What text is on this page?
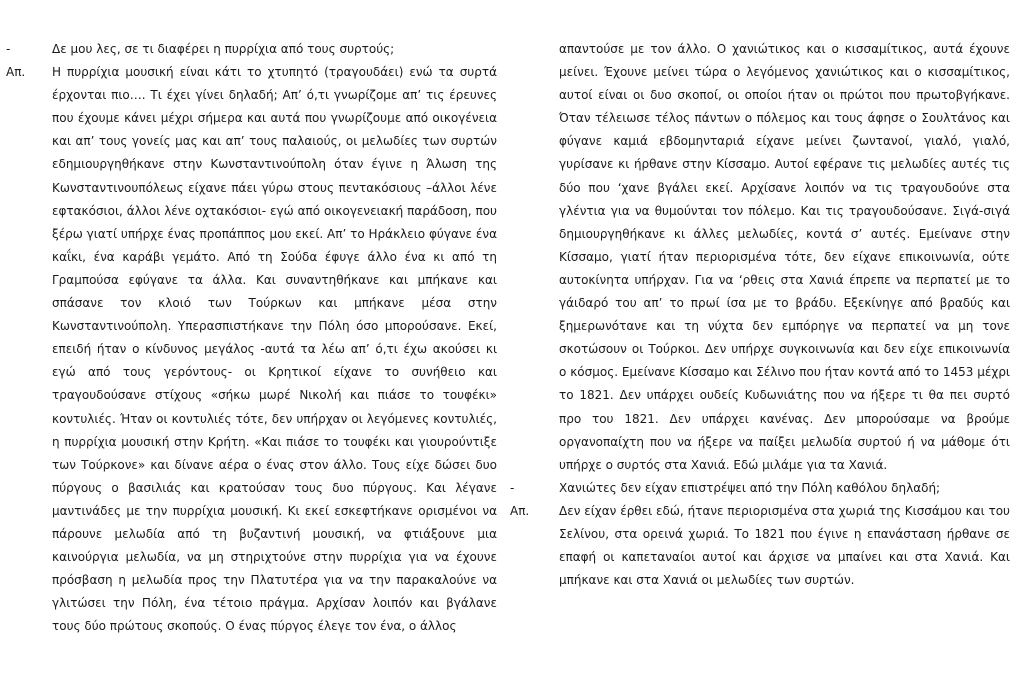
-	Δε μου λες, σε τι διαφέρει η πυρρίχια από τους συρτούς;
Απ. Η πυρρίχια μουσική είναι κάτι το χτυπητό (τραγουδάει) ενώ τα συρτά έρχονται πιο…. Τι έχει γίνει δηλαδή; Απ’ ό,τι γνωρίζομε απ’ τις έρευνες που έχουμε κάνει μέχρι σήμερα και αυτά που γνωρίζουμε από οικογένεια και απ’ τους γονείς μας και απ’ τους παλαιούς, οι μελωδίες των συρτών εδημιουργηθήκανε στην Κωνσταντινούπολη όταν έγινε η Άλωση της Κωνσταντινουπόλεως είχανε πάει γύρω στους πεντακόσιους –άλλοι λένε εφτακόσιοι, άλλοι λένε οχτακόσιοι- εγώ από οικογενειακή παράδοση, που ξέρω γιατί υπήρχε ένας προπάππος μου εκεί. Απ’ το Ηράκλειο φύγανε ένα καΐκι, ένα καράβι γεμάτο. Από τη Σούδα έφυγε άλλο ένα κι από τη Γραμπούσα εφύγανε τα άλλα. Και συναντηθήκανε και μπήκανε και σπάσανε τον κλοιό των Τούρκων και μπήκανε μέσα στην Κωνσταντινούπολη. Υπερασπιστήκανε την Πόλη όσο μπορούσανε. Εκεί, επειδή ήταν ο κίνδυνος μεγάλος -αυτά τα λέω απ’ ό,τι έχω ακούσει κι εγώ από τους γερόντους- οι Κρητικοί είχανε το συνήθειο και τραγουδούσανε στίχους «σήκω μωρέ Νικολή και πιάσε το τουφέκι» κοντυλιές. Ήταν οι κοντυλιές τότε, δεν υπήρχαν οι λεγόμενες κοντυλιές, η πυρρίχια μουσική στην Κρήτη. «Και πιάσε το τουφέκι και γιουρούντιξε των Τούρκονε» και δίνανε αέρα ο ένας στον άλλο. Τους είχε δώσει δυο πύργους ο βασιλιάς και κρατούσαν τους δυο πύργους. Και λέγανε μαντινάδες με την πυρρίχια μουσική. Κι εκεί εσκεφτήκανε ορισμένοι να πάρουνε μελωδία από τη βυζαντινή μουσική, να φτιάξουνε μια καινούργια μελωδία, να μη στηριχτούνε στην πυρρίχια για να έχουνε πρόσβαση η μελωδία προς την Πλατυτέρα για να την παρακαλούνε να γλιτώσει την Πόλη, ένα τέτοιο πράγμα. Αρχίσαν λοιπόν και βγάλανε τους δύο πρώτους σκοπούς. Ο ένας πύργος έλεγε τον ένα, ο άλλος
απαντούσε με τον άλλο. Ο χανιώτικος και ο κισσαμίτικος, αυτά έχουνε μείνει. Έχουνε μείνει τώρα ο λεγόμενος χανιώτικος και ο κισσαμίτικος, αυτοί είναι οι δυο σκοποί, οι οποίοι ήταν οι πρώτοι που πρωτοβγήκανε. Όταν τέλειωσε τέλος πάντων ο πόλεμος και τους άφησε ο Σουλτάνος και φύγανε καμιά εβδομηνταριά είχανε μείνει ζωντανοί, γιαλό, γιαλό, γυρίσανε κι ήρθανε στην Κίσσαμο. Αυτοί εφέρανε τις μελωδίες αυτές τις δύο που ‘χανε βγάλει εκεί. Αρχίσανε λοιπόν να τις τραγουδούνε στα γλέντια για να θυμούνται τον πόλεμο. Και τις τραγουδούσανε. Σιγά-σιγά δημιουργηθήκανε κι άλλες μελωδίες, κοντά σ’ αυτές. Εμείνανε στην Κίσσαμο, γιατί ήταν περιορισμένα τότε, δεν είχανε επικοινωνία, ούτε αυτοκίνητα υπήρχαν. Για να ‘ρθεις στα Χανιά έπρεπε να περπατεί με το γάιδαρό του απ’ το πρωί ίσα με το βράδυ. Εξεκίνηγε από βραδύς και ξημερωνότανε και τη νύχτα δεν εμπόρηγε να περπατεί να μη τονε σκοτώσουν οι Τούρκοι. Δεν υπήρχε συγκοινωνία και δεν είχε επικοινωνία ο κόσμος. Εμείνανε Κίσσαμο και Σέλινο που ήταν κοντά από το 1453 μέχρι το 1821. Δεν υπάρχει ουδείς Κυδωνιάτης που να ήξερε τι θα πει συρτό προ του 1821. Δεν υπάρχει κανένας. Δεν μπορούσαμε να βρούμε οργανοπαίχτη που να ήξερε να παίξει μελωδία συρτού ή να μάθομε ότι υπήρχε ο συρτός στα Χανιά. Εδώ μιλάμε για τα Χανιά.
-	Χανιώτες δεν είχαν επιστρέψει από την Πόλη καθόλου δηλαδή;
Απ. Δεν είχαν έρθει εδώ, ήτανε περιορισμένα στα χωριά της Κισσάμου και του Σελίνου, στα ορεινά χωριά. Το 1821 που έγινε η επανάσταση ήρθανε σε επαφή οι καπεταναίοι αυτοί και άρχισε να μπαίνει και στα Χανιά. Και μπήκανε και στα Χανιά οι μελωδίες των συρτών.
